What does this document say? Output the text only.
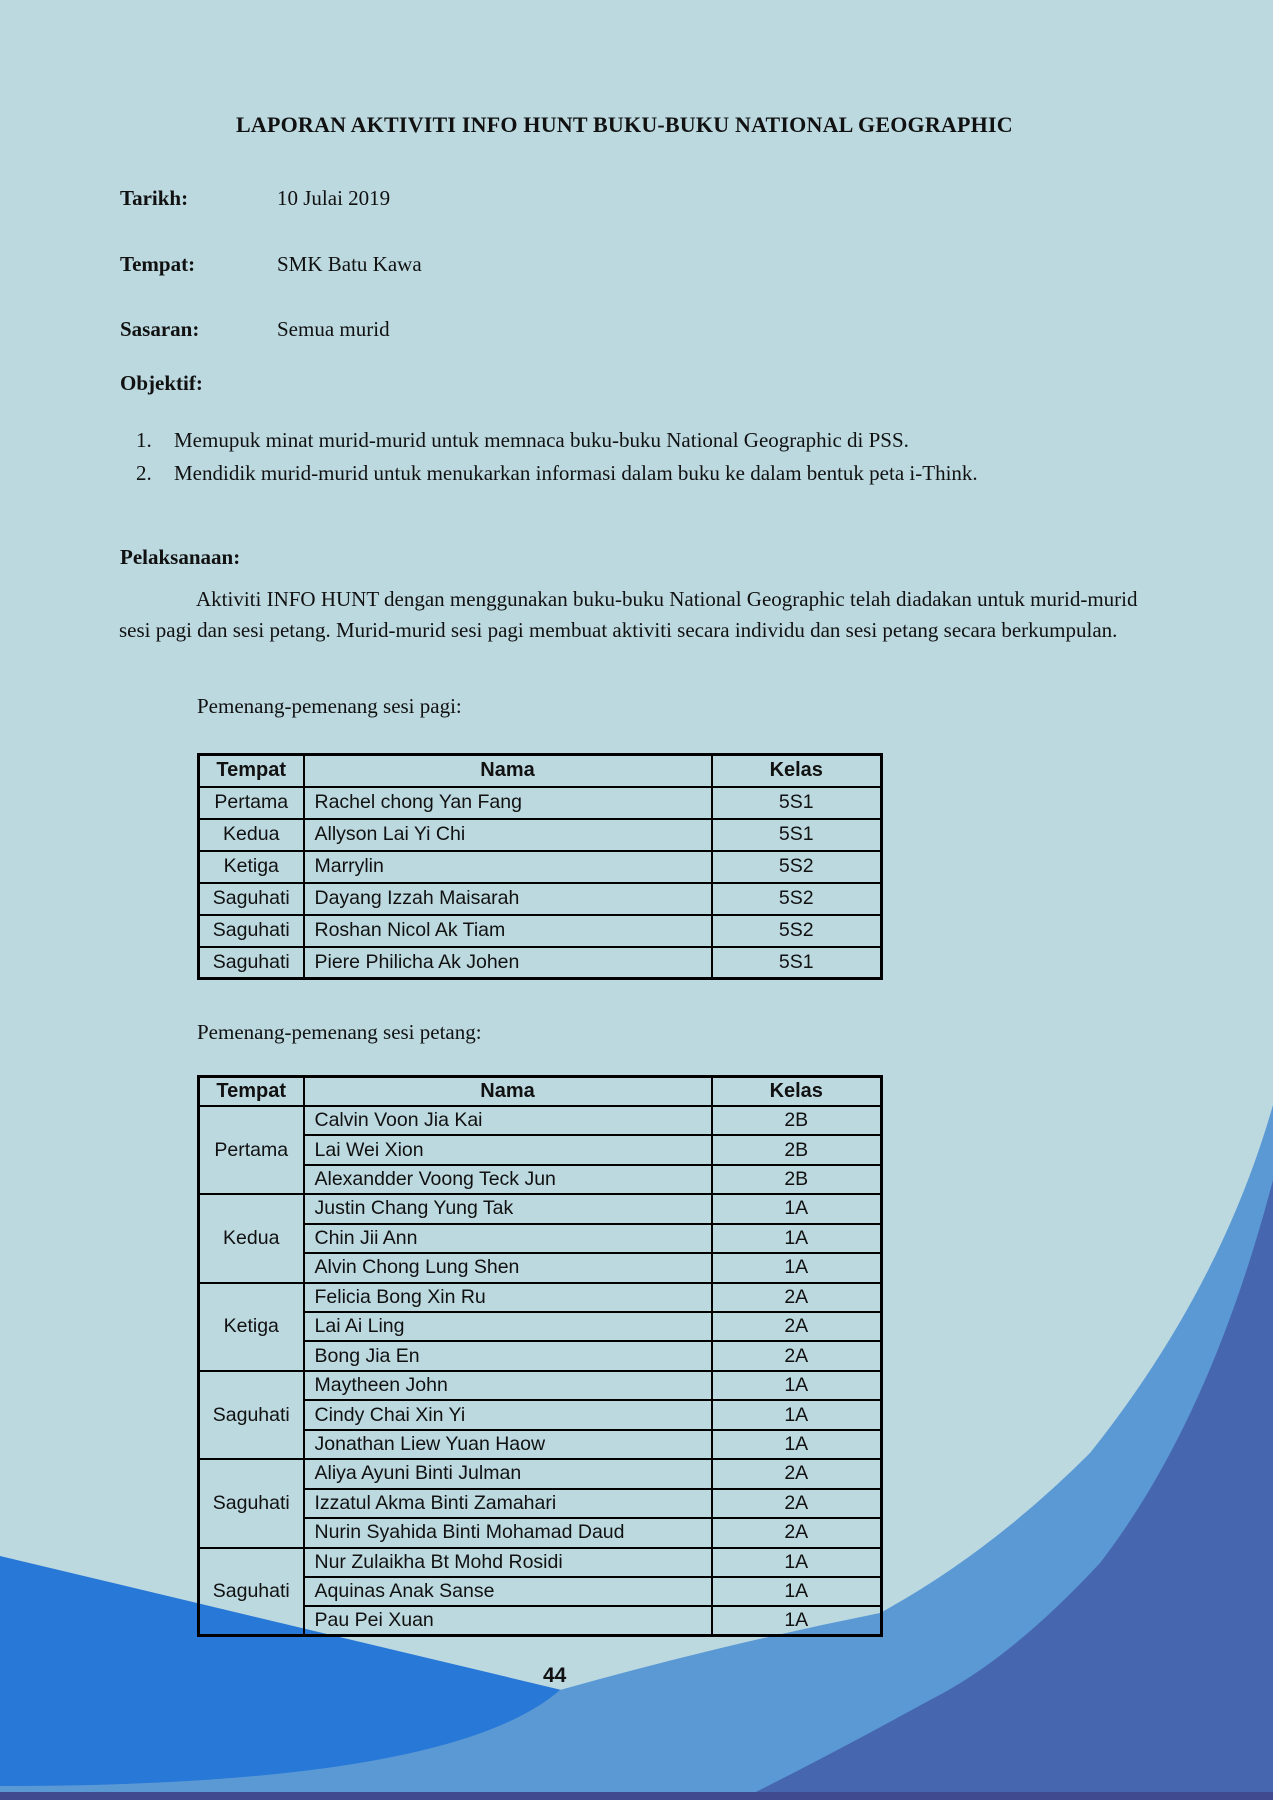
LAPORAN AKTIVITI INFO HUNT BUKU-BUKU NATIONAL GEOGRAPHIC
Tarikh:	10 Julai 2019
Tempat:	SMK Batu Kawa
Sasaran:	Semua murid
Objektif:
1. Memupuk minat murid-murid untuk memnaca buku-buku National Geographic di PSS.
2. Mendidik murid-murid untuk menukarkan informasi dalam buku ke dalam bentuk peta i-Think.
Pelaksanaan:
Aktiviti INFO HUNT dengan menggunakan buku-buku National Geographic telah diadakan untuk murid-murid sesi pagi dan sesi petang. Murid-murid sesi pagi membuat aktiviti secara individu dan sesi petang secara berkumpulan.
Pemenang-pemenang sesi pagi:
Tempat	Nama	Kelas
Pertama	Rachel chong Yan Fang	5S1
Kedua	Allyson Lai Yi Chi	5S1
Ketiga	Marrylin	5S2
Saguhati	Dayang Izzah Maisarah	5S2
Saguhati	Roshan Nicol Ak Tiam	5S2
Saguhati	Piere Philicha Ak Johen	5S1
Pemenang-pemenang sesi petang:
Tempat	Nama	Kelas
Pertama	Calvin Voon Jia Kai	2B
	Lai Wei Xion	2B
	Alexandder Voong Teck Jun	2B
Kedua	Justin Chang Yung Tak	1A
	Chin Jii Ann	1A
	Alvin Chong Lung Shen	1A
Ketiga	Felicia Bong Xin Ru	2A
	Lai Ai Ling	2A
	Bong Jia En	2A
Saguhati	Maytheen John	1A
	Cindy Chai Xin Yi	1A
	Jonathan Liew Yuan Haow	1A
Saguhati	Aliya Ayuni Binti Julman	2A
	Izzatul Akma Binti Zamahari	2A
	Nurin Syahida Binti Mohamad Daud	2A
Saguhati	Nur Zulaikha Bt Mohd Rosidi	1A
	Aquinas Anak Sanse	1A
	Pau Pei Xuan	1A
44
